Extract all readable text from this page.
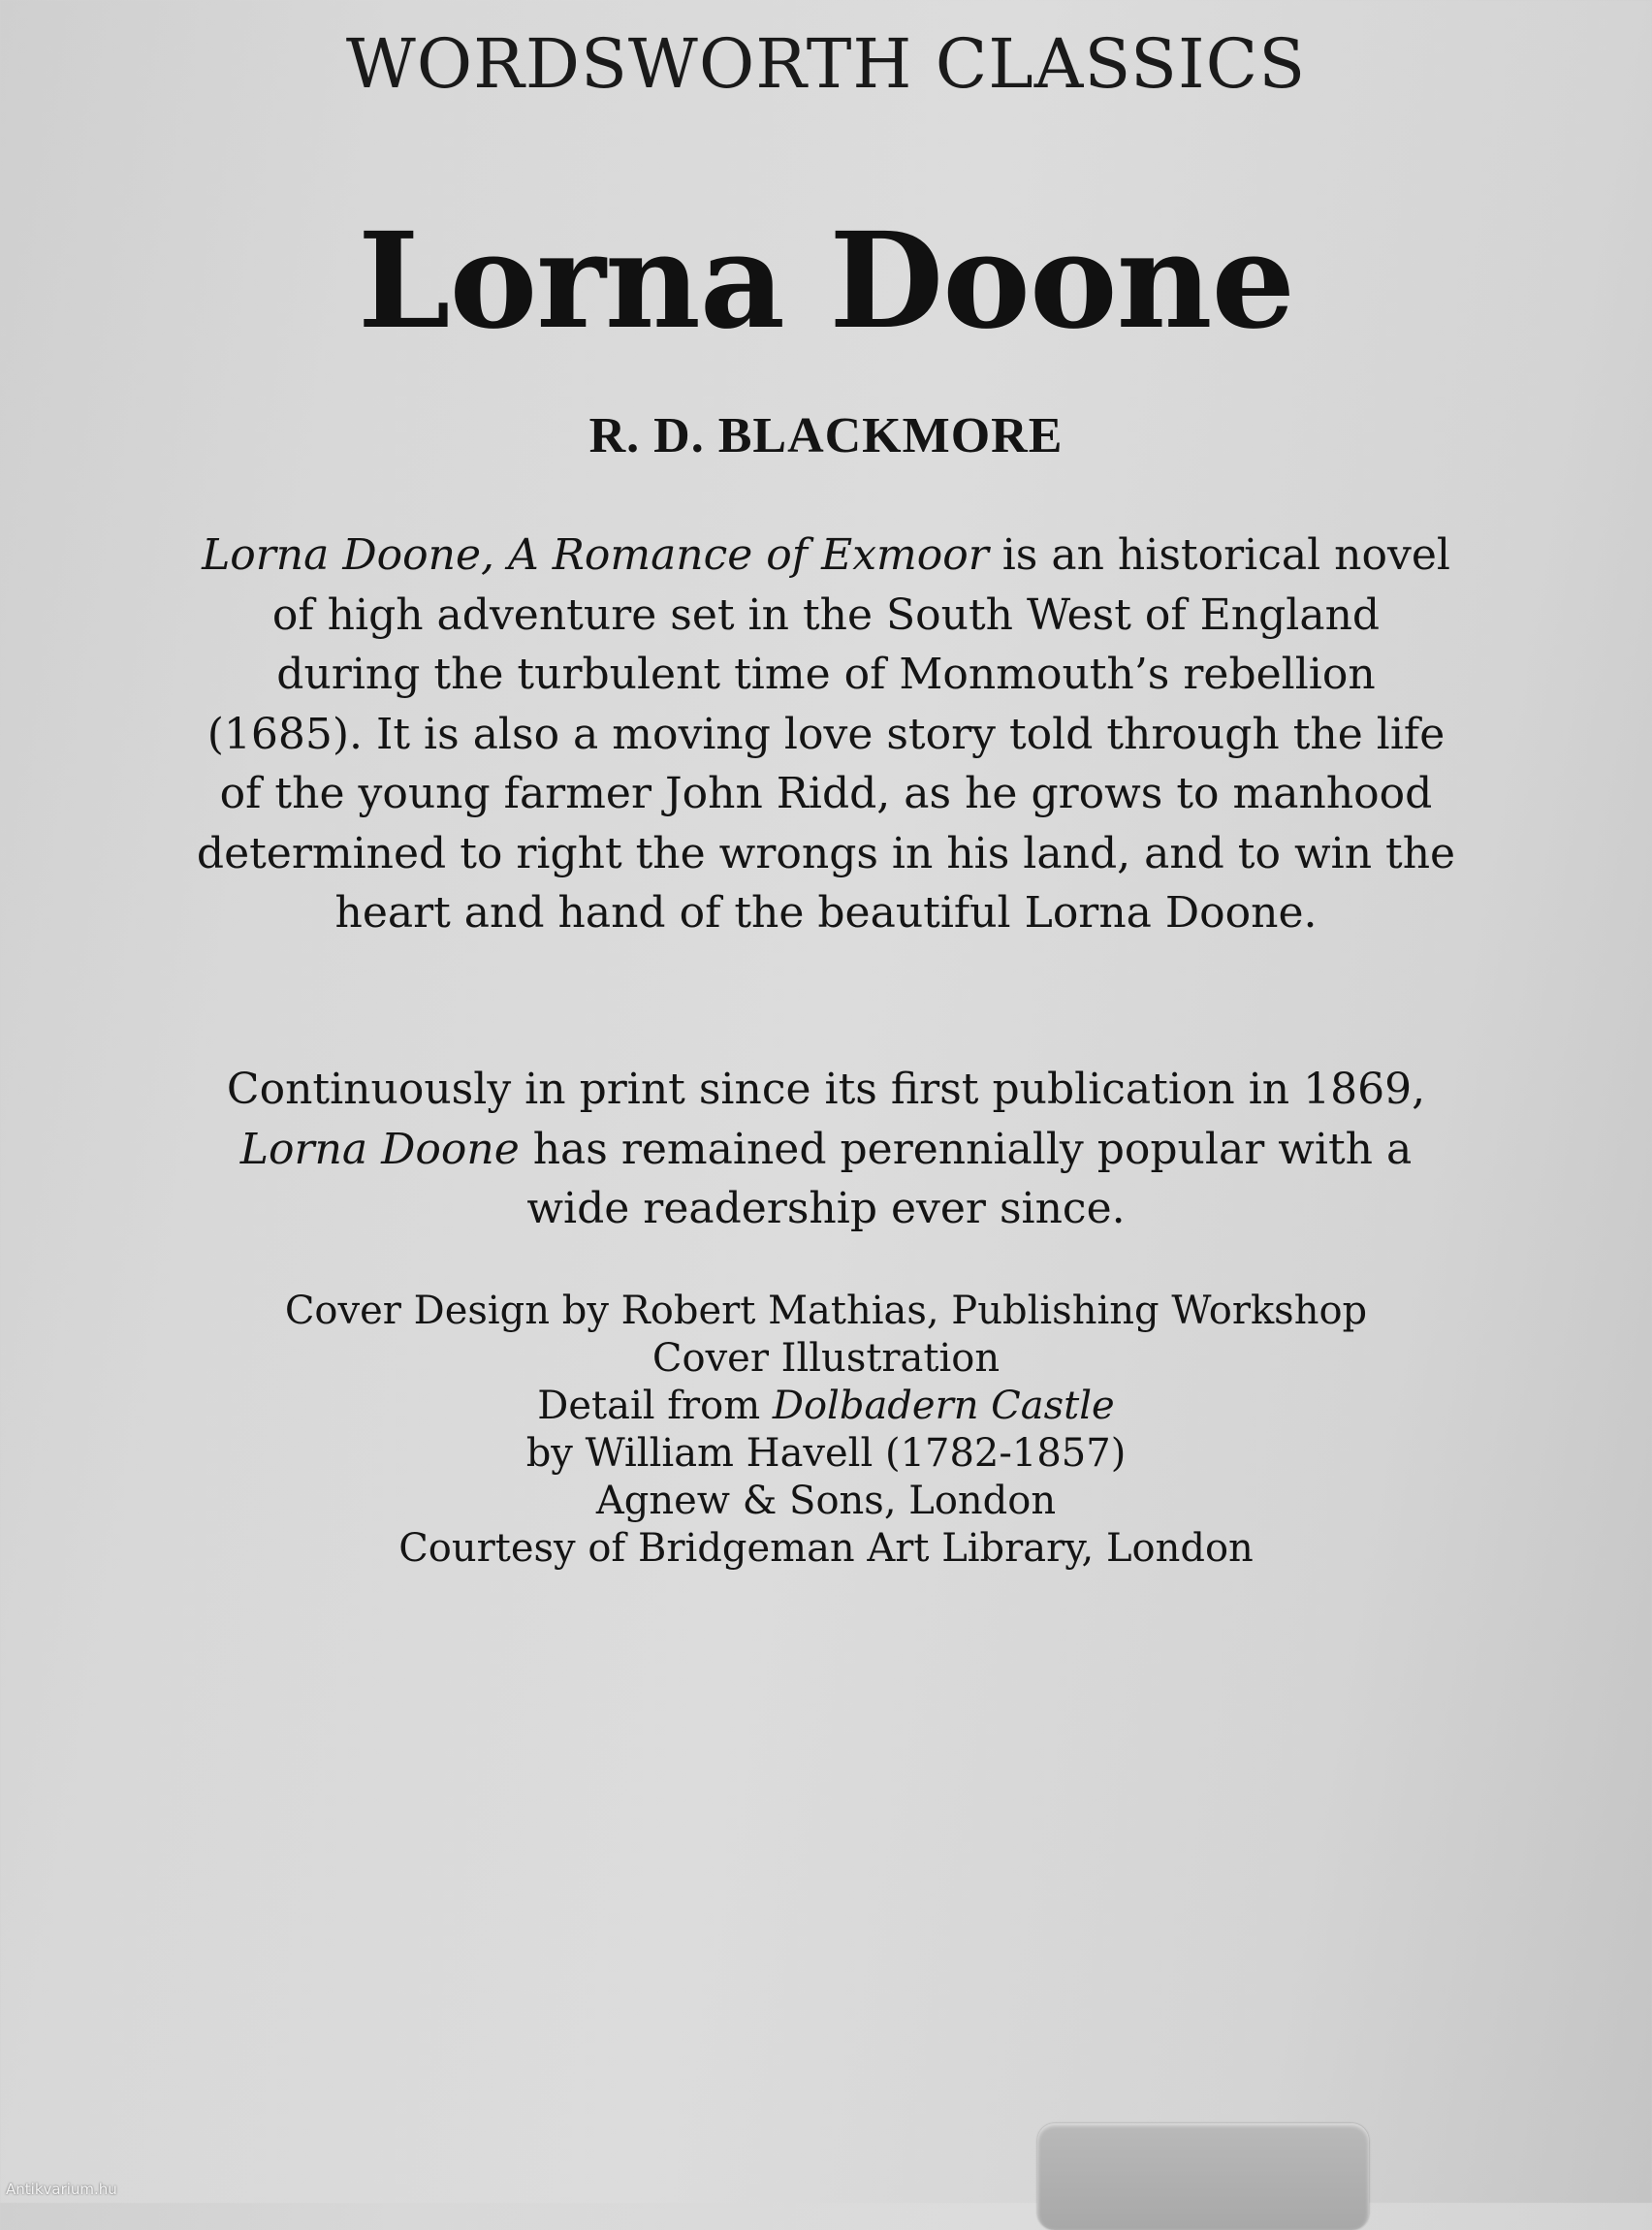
WORDSWORTH CLASSICS
Lorna Doone
R. D. BLACKMORE
Lorna Doone, A Romance of Exmoor is an historical novel of high adventure set in the South West of England during the turbulent time of Monmouth’s rebellion (1685). It is also a moving love story told through the life of the young farmer John Ridd, as he grows to manhood determined to right the wrongs in his land, and to win the heart and hand of the beautiful Lorna Doone.
Continuously in print since its first publication in 1869, Lorna Doone has remained perennially popular with a wide readership ever since.
Cover Design by Robert Mathias, Publishing Workshop
Cover Illustration
Detail from Dolbadern Castle
by William Havell (1782-1857)
Agnew & Sons, London
Courtesy of Bridgeman Art Library, London
Antikvarium.hu
